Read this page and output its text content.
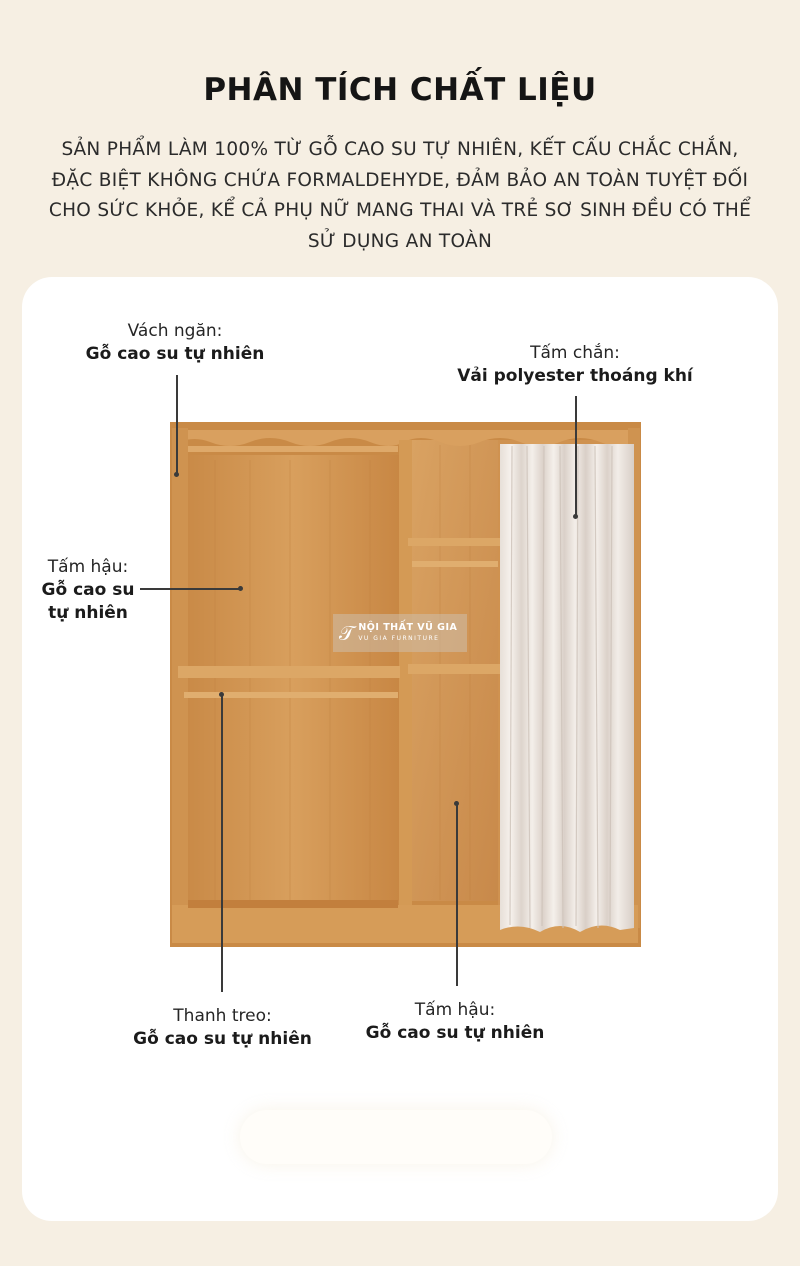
PHÂN TÍCH CHẤT LIỆU
SẢN PHẨM LÀM 100% TỪ GỖ CAO SU TỰ NHIÊN, KẾT CẤU CHẮC CHẮN, ĐẶC BIỆT KHÔNG CHỨA FORMALDEHYDE, ĐẢM BẢO AN TOÀN TUYỆT ĐỐI CHO SỨC KHỎE, KỂ CẢ PHỤ NỮ MANG THAI VÀ TRẺ SƠ SINH ĐỀU CÓ THỂ SỬ DỤNG AN TOÀN
𝒯 NỘI THẤT VŨ GIA
VU GIA FURNITURE
Vách ngăn:
Gỗ cao su tự nhiên	Tấm chắn:
Vải polyester thoáng khí
Tấm hậu:
Gỗ cao su
tự nhiên
Thanh treo:
Gỗ cao su tự nhiên
Tấm hậu:
Gỗ cao su tự nhiên
